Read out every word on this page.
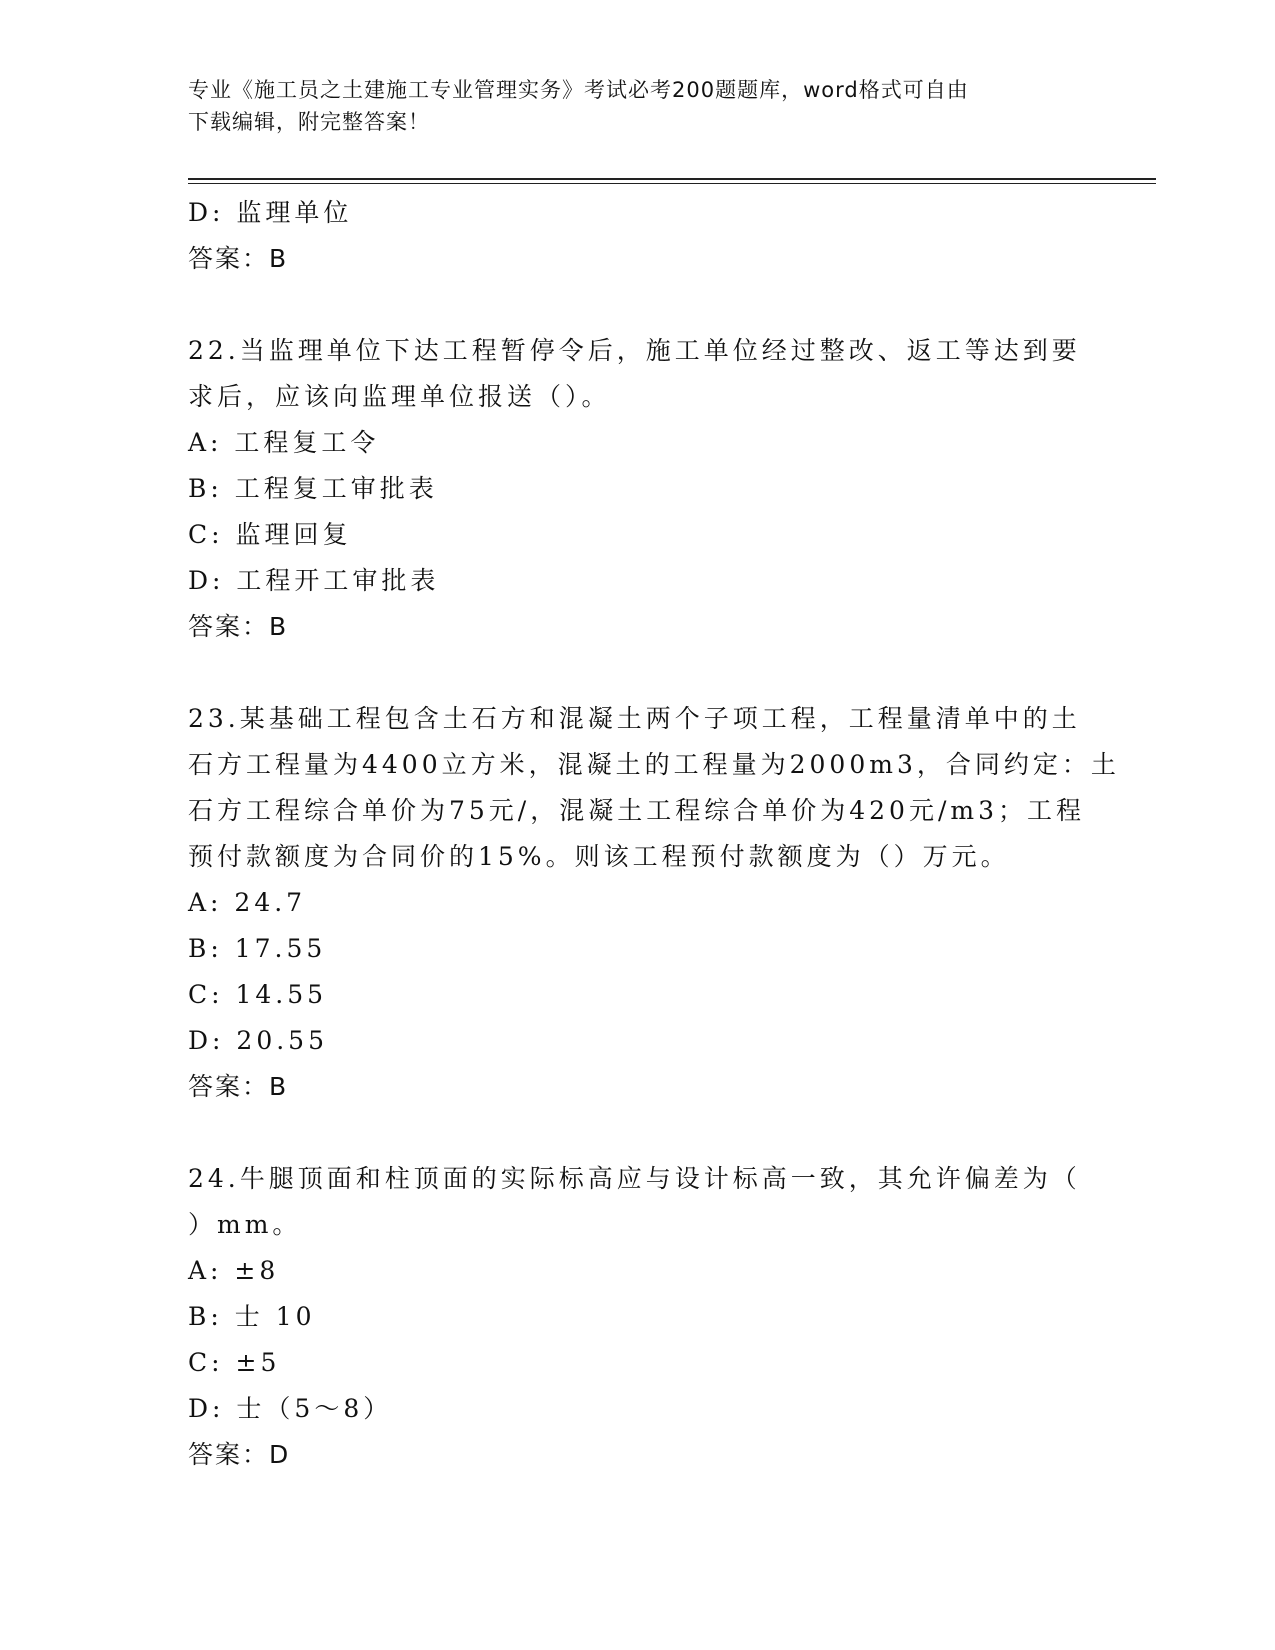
专业《施工员之土建施工专业管理实务》考试必考200题题库，word格式可自由
下载编辑，附完整答案！
D: 监理单位
答案：B
22.当监理单位下达工程暂停令后，施工单位经过整改、返工等达到要
求后，应该向监理单位报送（）。
A: 工程复工令
B: 工程复工审批表
C: 监理回复
D: 工程开工审批表
答案：B
23.某基础工程包含土石方和混凝土两个子项工程，工程量清单中的土
石方工程量为4400立方米，混凝土的工程量为2000m3，合同约定：土
石方工程综合单价为75元/，混凝土工程综合单价为420元/m3；工程
预付款额度为合同价的15%。则该工程预付款额度为（）万元。
A: 24.7
B: 17.55
C: 14.55
D: 20.55
答案：B
24.牛腿顶面和柱顶面的实际标高应与设计标高一致，其允许偏差为（
）mm。
A: ±8
B: 士 10
C: ±5
D: 士（5～8）
答案：D
